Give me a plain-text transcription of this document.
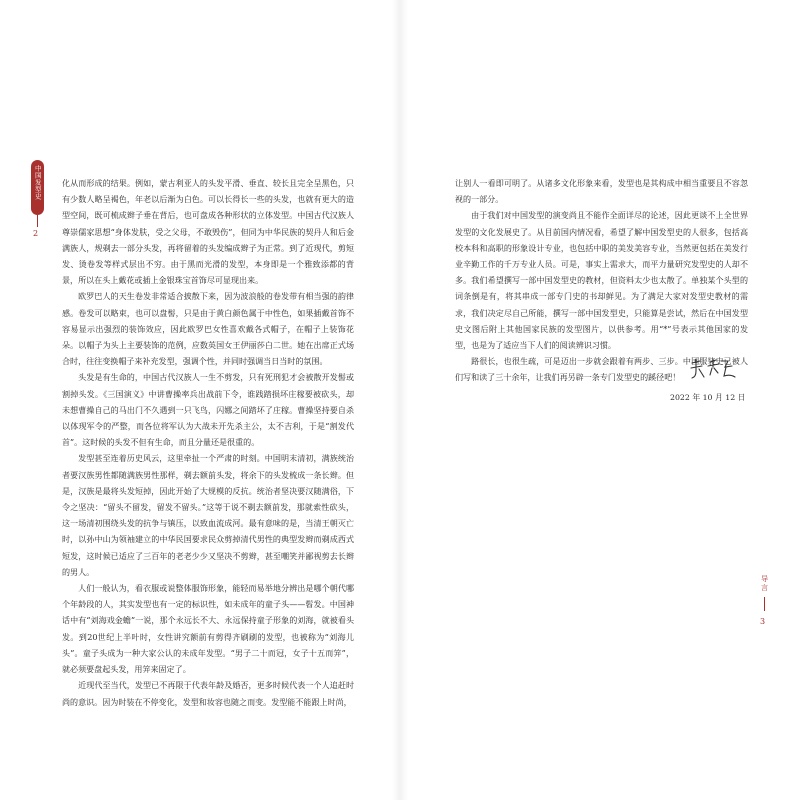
中国发型史
2

化从而形成的结果。例如，蒙古利亚人的头发平滑、垂直、较长且完全呈黑色，只有少数人略呈褐色，年老以后渐为白色。可以长得长一些的头发，也就有更大的造型空间，既可梳成辫子垂在背后，也可盘成各种形状的立体发型。中国古代汉族人尊崇儒家思想“身体发肤，受之父母，不敢毁伤”，但同为中华民族的契丹人和后金满族人，规剃去一部分头发，再将留着的头发编成辫子为正常。到了近现代，剪短发、烫卷发等样式层出不穷。由于黑而光滑的发型，本身即是一个雅致添都的背景，所以在头上戴花或插上金银珠宝首饰尽可显现出来。

欧罗巴人的天生卷发非常适合披散下来，因为波浪般的卷发带有相当强的韵律感。卷发可以略束，也可以盘髻，只是由于黄白颜色属于中性色，如果插戴首饰不容易显示出强烈的装饰效应，因此欧罗巴女性喜欢戴各式帽子，在帽子上装饰花朵。以帽子为头上主要装饰的范例，应数英国女王伊丽莎白二世。她在出席正式场合时，往往变换帽子来补充发型，强调个性，并同时强调当日当时的氛围。

头发是有生命的，中国古代汉族人一生不剪发，只有死刑犯才会被散开发髻或割掉头发。《三国演义》中讲曹操率兵出战前下令，谁践踏损坏庄稼要被砍头，却未想曹操自己的马出门不久遇到一只飞鸟，闪娜之间踏坏了庄稼。曹操坚持要自杀以体现军令的严整，而各位将军认为大战未开先杀主公，太不吉利，于是“割发代首”。这时候的头发不但有生命，而且分量还是很重的。

发型甚至连着历史风云，这里牵扯一个严肃的时刻。中国明末清初，满族统治者要汉族男性都随满族男性那样，剃去额前头发，将余下的头发梳成一条长辫。但是，汉族是最将头发短掉，因此开始了大规模的反抗。统治者坚决要汉随满俗，下令之坚决：“留头不留发，留发不留头。”这等于说不剃去额前发，那就索性砍头，这一场清初围绕头发的抗争与镇压，以致血流成河。最有意味的是，当清王朝灭亡时，以孙中山为领袖建立的中华民国要求民众剪掉清代男性的典型发辫而剃成西式短发，这时候已适应了三百年的老老少少又坚决不剪辫，甚至嘲笑并鄙视剪去长辫的男人。

人们一般认为，看衣服或说整体服饰形象，能轻而易举地分辨出是哪个朝代哪个年龄段的人，其实发型也有一定的标识性，如未成年的童子头——髫发。中国神话中有“刘海戏金蟾”一说，那个永远长不大、永远保持童子形象的刘海，就被看头发。到20世纪上半叶时，女性讲究额前有剪得齐刷刷的发型，也被称为“刘海儿头”。童子头成为一种大家公认的未成年发型。“男子二十而冠，女子十五而笄”，就必须要盘起头发，用笄来固定了。

近现代至当代，发型已不再限于代表年龄及婚否，更多时候代表一个人追赶时尚的意识。因为时装在不停变化，发型和妆容也随之而变。发型能不能跟上时尚，

让别人一看即可明了。从诸多文化形象来看，发型也是其构成中相当重要且不容忽视的一部分。

由于我们对中国发型的演变尚且不能作全面详尽的论述，因此更谈不上全世界发型的文化发展史了。从目前国内情况看，希望了解中国发型史的人很多，包括高校本科和高职的形象设计专业，也包括中职的美发美容专业，当然更包括在美发行业辛勤工作的千万专业人员。可是，事实上需求大，而平力量研究发型史的人却不多。我们希望撰写一部中国发型史的教材，但资料太少也太散了。单独某个头型的词条倒是有，将其串成一部专门史的书却鲜见。为了满足大家对发型史教材的需求，我们决定尽自己所能，撰写一部中国发型史，只能算是尝试，然后在中国发型史文图后附上其他国家民族的发型图片，以供参考。用“*”号表示其他国家的发型，也是为了适应当下人们的阅读辨识习惯。

路很长，也很生疏，可是迈出一步就会跟着有两步、三步。中国服装史已被人们写和读了三十余年，让我们再另辟一条专门发型史的蹊径吧！

2022 年 10 月 12 日
导言
3
